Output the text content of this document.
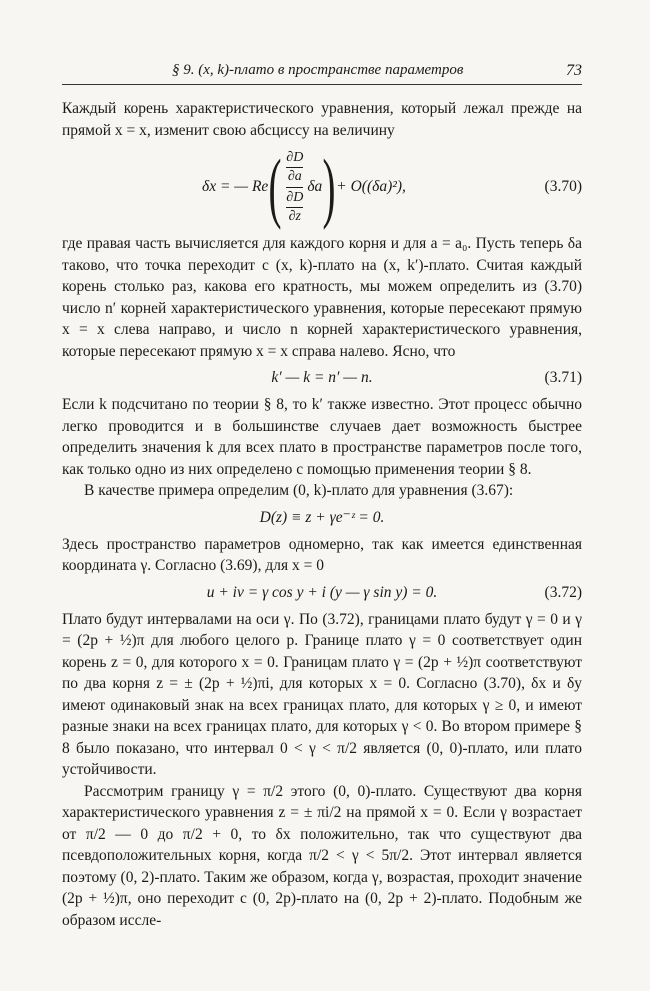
§ 9. (x, k)-плато в пространстве параметров	73

Каждый корень характеристического уравнения, который лежал прежде на прямой x = x, изменит свою абсциссу на величину

δx = — Re ( ∂D
∂a
∂D
∂z δa ) + O((δa)²),	(3.70)

где правая часть вычисляется для каждого корня и для a = a₀. Пусть теперь δa таково, что точка переходит с (x, k)-плато на (x, k′)-плато. Считая каждый корень столько раз, какова его кратность, мы можем определить из (3.70) число n′ корней характеристического уравнения, которые пересекают прямую x = x слева направо, и число n корней характеристического уравнения, которые пересекают прямую x = x справа налево. Ясно, что

k′ — k = n′ — n.	(3.71)

Если k подсчитано по теории § 8, то k′ также известно. Этот процесс обычно легко проводится и в большинстве случаев дает возможность быстрее определить значения k для всех плато в пространстве параметров после того, как только одно из них определено с помощью применения теории § 8.

В качестве примера определим (0, k)-плато для уравнения (3.67):

D(z) ≡ z + γe⁻ᶻ = 0.

Здесь пространство параметров одномерно, так как имеется единственная координата γ. Согласно (3.69), для x = 0

u + iv = γ cos y + i (y — γ sin y) = 0.	(3.72)

Плато будут интервалами на оси γ. По (3.72), границами плато будут γ = 0 и γ = (2p + ½)π для любого целого p. Границе плато γ = 0 соответствует один корень z = 0, для которого x = 0. Границам плато γ = (2p + ½)π соответствуют по два корня z = ± (2p + ½)πi, для которых x = 0. Согласно (3.70), δx и δy имеют одинаковый знак на всех границах плато, для которых γ ≥ 0, и имеют разные знаки на всех границах плато, для которых γ < 0. Во втором примере § 8 было показано, что интервал 0 < γ < π/2 является (0, 0)-плато, или плато устойчивости.

Рассмотрим границу γ = π/2 этого (0, 0)-плато. Существуют два корня характеристического уравнения z = ± πi/2 на прямой x = 0. Если γ возрастает от π/2 — 0 до π/2 + 0, то δx положительно, так что существуют два псевдоположительных корня, когда π/2 < γ < 5π/2. Этот интервал является поэтому (0, 2)-плато. Таким же образом, когда γ, возрастая, проходит значение (2p + ½)π, оно переходит с (0, 2p)-плато на (0, 2p + 2)-плато. Подобным же образом иссле-
